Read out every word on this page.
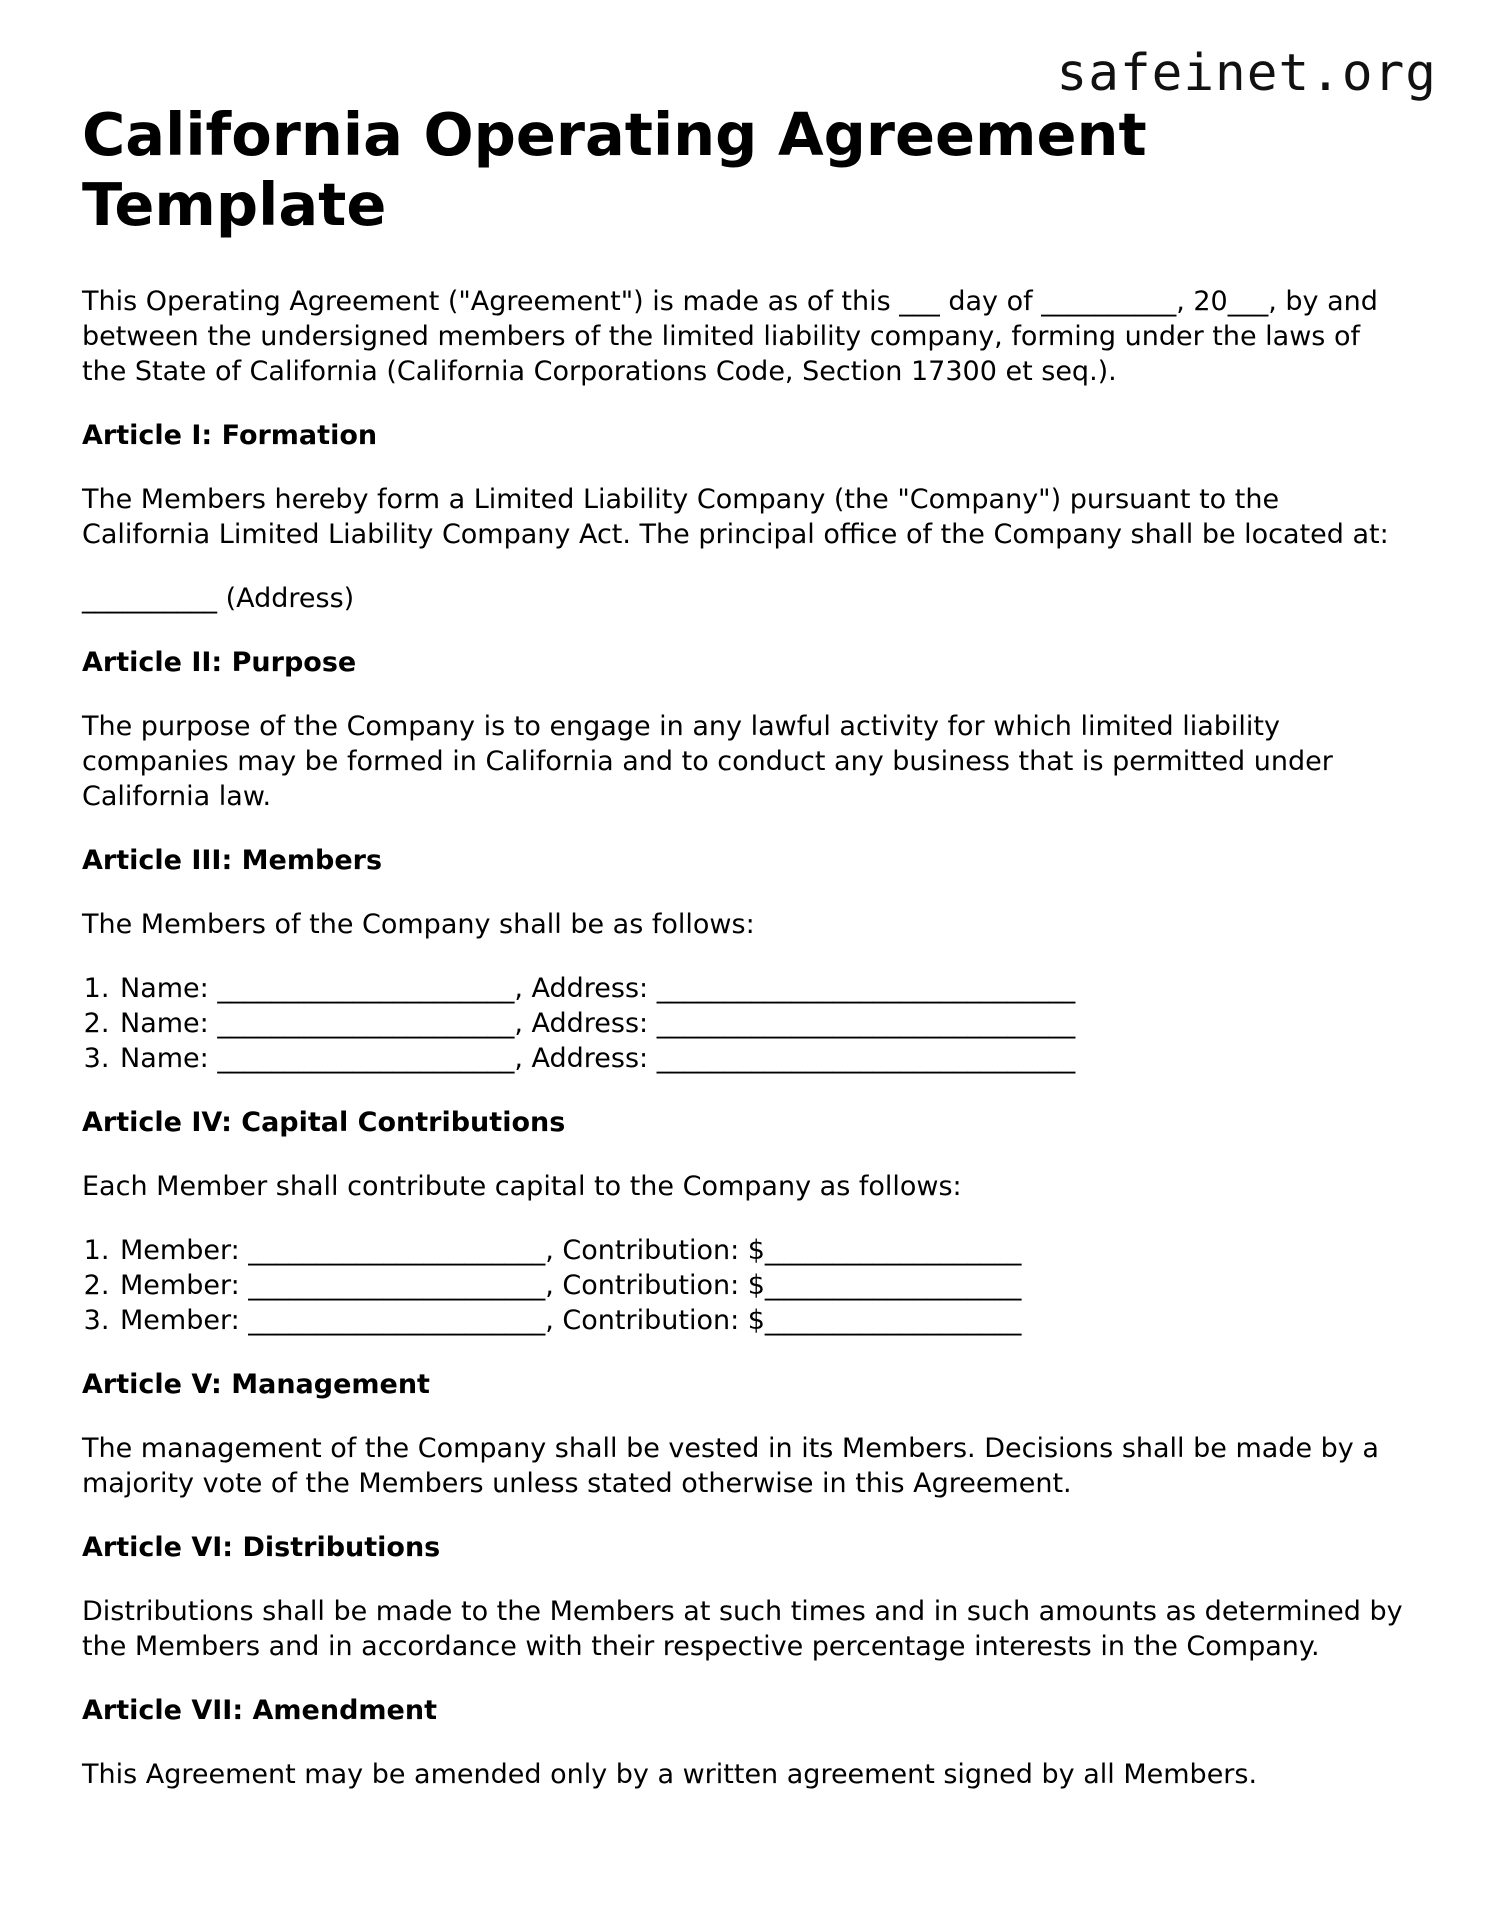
safeinet.org
California Operating Agreement Template

This Operating Agreement ("Agreement") is made as of this ___ day of __________, 20___, by and between the undersigned members of the limited liability company, forming under the laws of the State of California (California Corporations Code, Section 17300 et seq.).

Article I: Formation

The Members hereby form a Limited Liability Company (the "Company") pursuant to the California Limited Liability Company Act. The principal office of the Company shall be located at:

__________ (Address)

Article II: Purpose

The purpose of the Company is to engage in any lawful activity for which limited liability companies may be formed in California and to conduct any business that is permitted under California law.

Article III: Members

The Members of the Company shall be as follows:

1. Name: ______________________, Address: _______________________________
2. Name: ______________________, Address: _______________________________
3. Name: ______________________, Address: _______________________________
Article IV: Capital Contributions

Each Member shall contribute capital to the Company as follows:

1. Member: ______________________, Contribution: $___________________
2. Member: ______________________, Contribution: $___________________
3. Member: ______________________, Contribution: $___________________
Article V: Management

The management of the Company shall be vested in its Members. Decisions shall be made by a majority vote of the Members unless stated otherwise in this Agreement.

Article VI: Distributions

Distributions shall be made to the Members at such times and in such amounts as determined by the Members and in accordance with their respective percentage interests in the Company.

Article VII: Amendment

This Agreement may be amended only by a written agreement signed by all Members.
